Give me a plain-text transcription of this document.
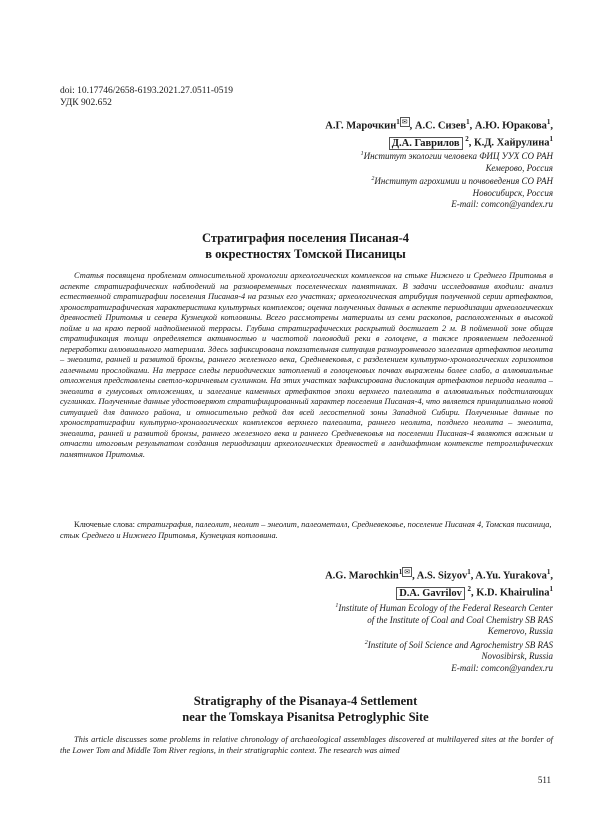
doi: 10.17746/2658-6193.2021.27.0511-0519
УДК 902.652
А.Г. Марочкин$^1$ ✉ , А.С. Сизев$^1$, А.Ю. Юракова$^1$,
Д.А. Гаврилов $^2$, К.Д. Хайрулина$^1$
$^1$Институт экологии человека ФИЦ УУХ СО РАН
Кемерово, Россия
$^2$Институт агрохимии и почвоведения СО РАН
Новосибирск, Россия
E-mail: comcon@yandex.ru
Стратиграфия поселения Писаная-4
в окрестностях Томской Писаницы
Статья посвящена проблемам относительной хронологии археологических комплексов на стыке Нижнего и Среднего Притомья в аспекте стратиграфических наблюдений на разновременных поселенческих памятниках. В задачи исследования входили: анализ естественной стратиграфии поселения Писаная-4 на разных его участках; археологическая атрибуция полученной серии артефактов, хроностратиграфическая характеристика культурных комплексов; оценка полученных данных в аспекте периодизации археологических древностей Притомья и севера Кузнецкой котловины. Всего рассмотрены материалы из семи раскопов, расположенных в высокой пойме и на краю первой надпойменной террасы. Глубина стратиграфических раскрытий достигает 2 м. В пойменной зоне общая стратификация толщи определяется активностью и частотой половодий реки в голоцене, а также проявлением педогенной переработки аллювиального материала. Здесь зафиксирована показательная ситуация разноуровневого залегания артефактов неолита – энеолита, ранней и развитой бронзы, раннего железного века, Средневековья, с разделением культурно-хронологических горизонтов галечными прослойками. На террасе следы периодических затоплений в голоценовых почвах выражены более слабо, а аллювиальные отложения представлены светло-коричневым суглинком. На этих участках зафиксирована дислокация артефактов периода неолита – энеолита в гумусовых отложениях, и залегание каменных артефактов эпохи верхнего палеолита в аллювиальных подстилающих суглинках. Полученные данные удостоверяют стратифицированный характер поселения Писаная-4, что является принципиально новой ситуацией для данного района, и относительно редкой для всей лесостепной зоны Западной Сибири. Полученные данные по хроностратиграфии культурно-хронологических комплексов верхнего палеолита, раннего неолита, позднего неолита – энеолита, энеолита, ранней и развитой бронзы, раннего железного века и раннего Средневековья на поселении Писаная-4 являются важным и отчасти итоговым результатом создания периодизации археологических древностей в ландшафтном контексте петроглифических памятников Притомья.
Ключевые слова: стратиграфия, палеолит, неолит – энеолит, палеометалл, Средневековье, поселение Писаная 4, Томская писаница, стык Среднего и Нижнего Притомья, Кузнецкая котловина.
A.G. Marochkin$^1$ ✉ , A.S. Sizyov$^1$, A.Yu. Yurakova$^1$,
D.A. Gavrilov $^2$, K.D. Khairulina$^1$
$^1$Institute of Human Ecology of the Federal Research Center
of the Institute of Coal and Coal Chemistry SB RAS
Kemerovo, Russia
$^2$Institute of Soil Science and Agrochemistry SB RAS
Novosibirsk, Russia
E-mail: comcon@yandex.ru
Stratigraphy of the Pisanaya-4 Settlement
near the Tomskaya Pisanitsa Petroglyphic Site
This article discusses some problems in relative chronology of archaeological assemblages discovered at multilayered sites at the border of the Lower Tom and Middle Tom River regions, in their stratigraphic context. The research was aimed
511
